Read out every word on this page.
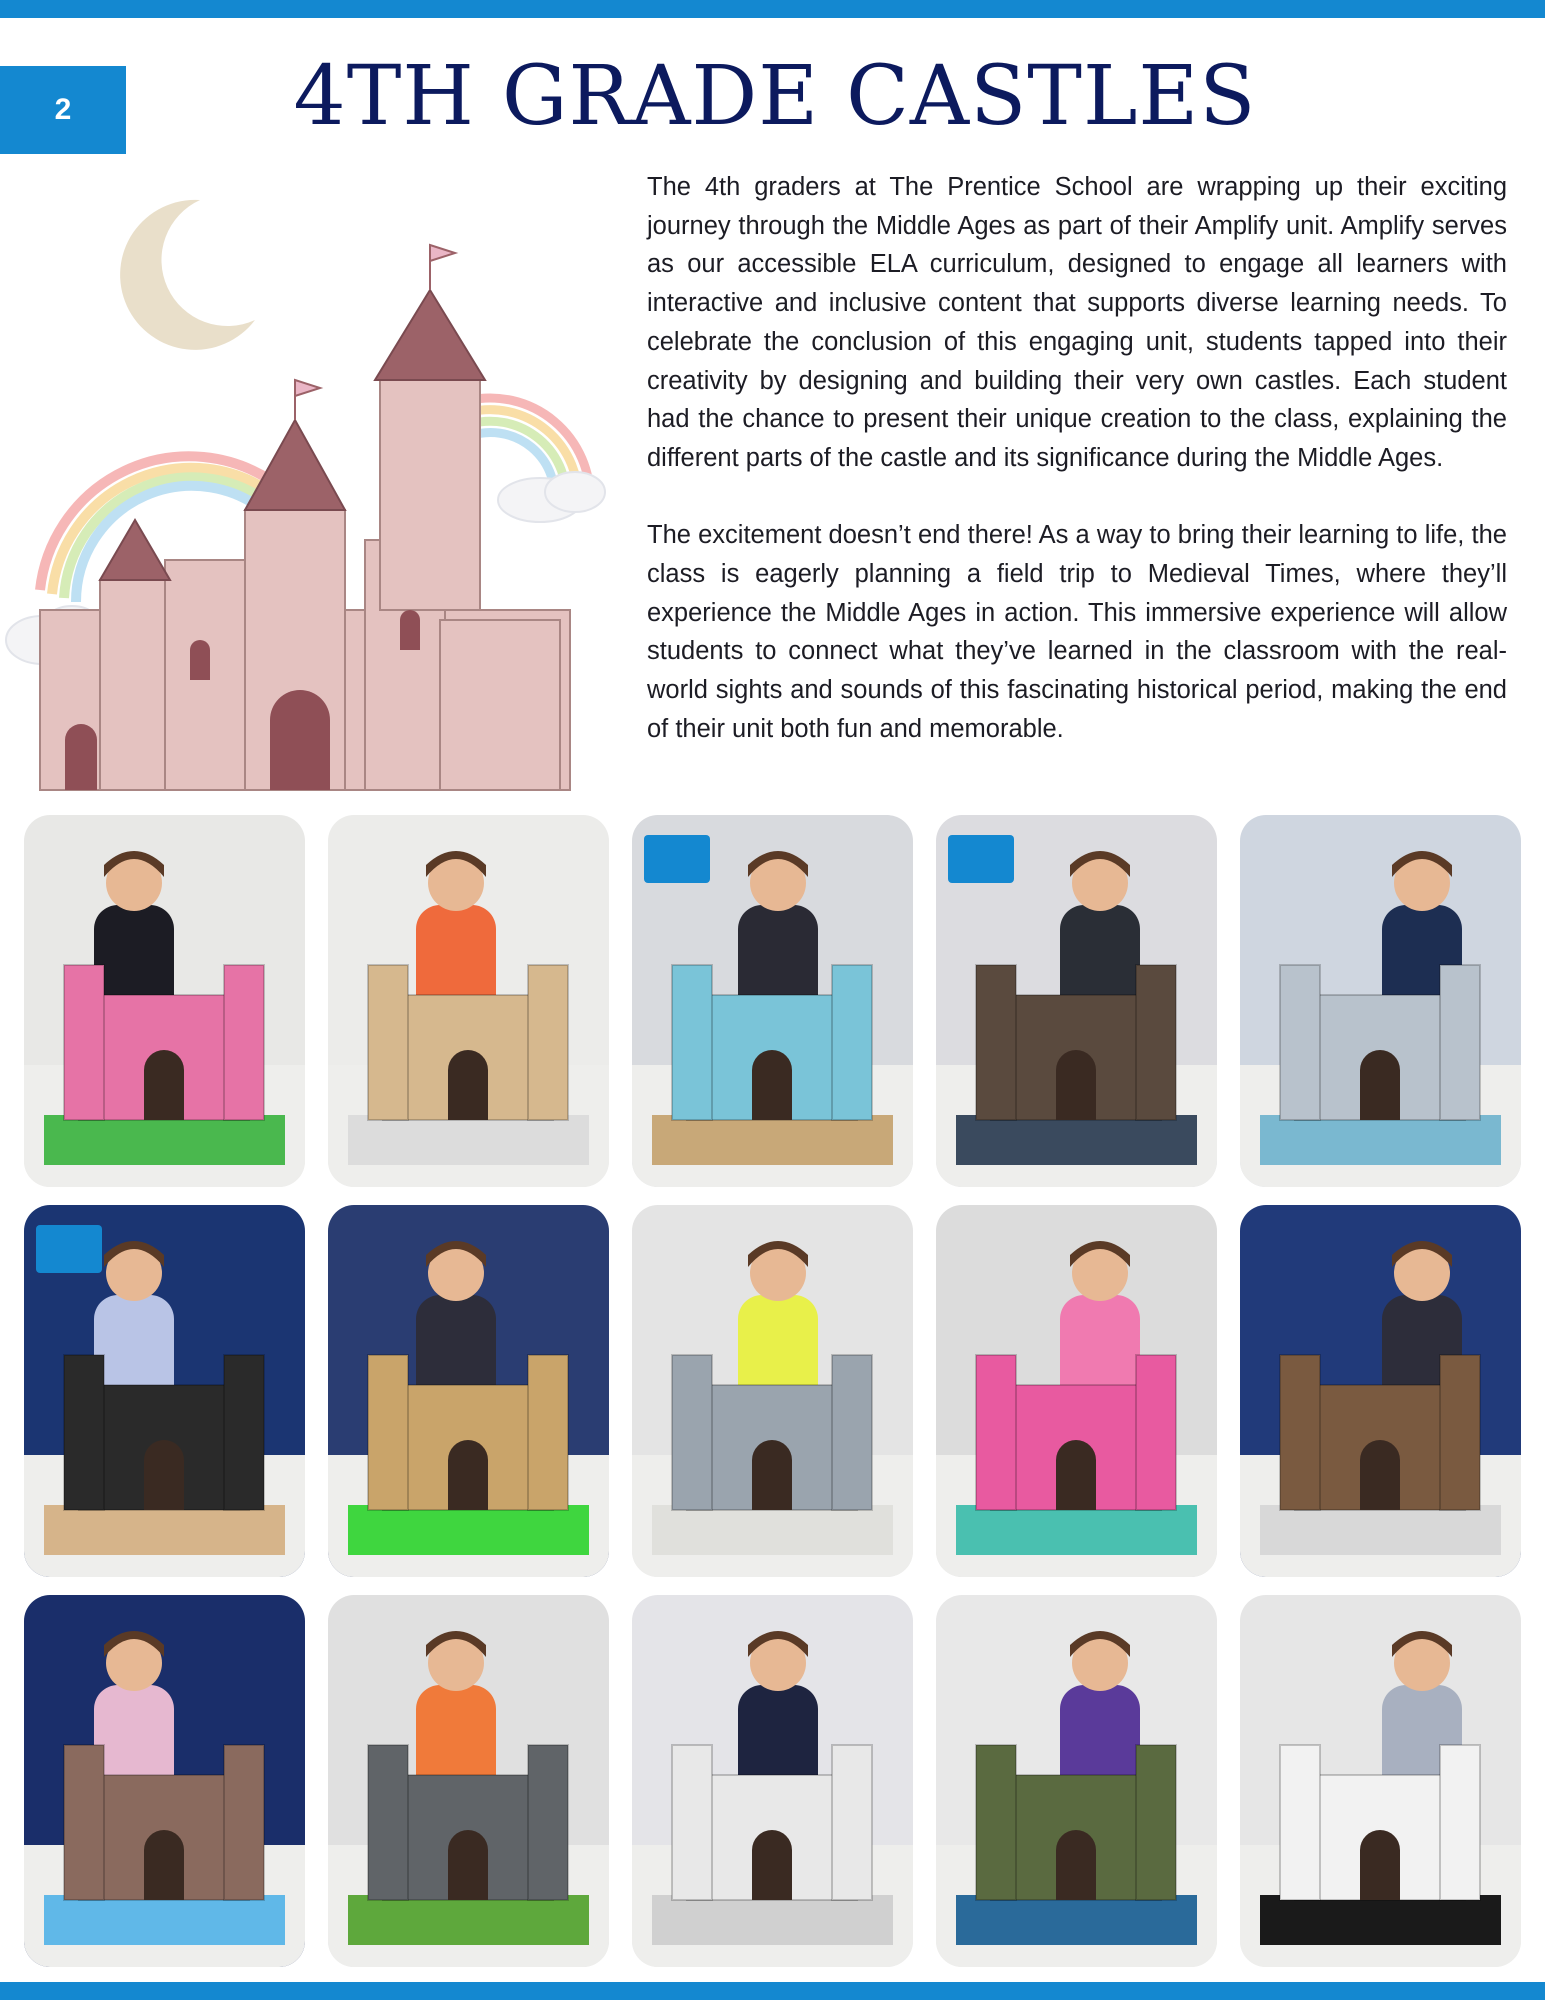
2	4TH GRADE CASTLES

The 4th graders at The Prentice School are wrapping up their exciting journey through the Middle Ages as part of their Amplify unit. Amplify serves as our accessible ELA curriculum, designed to engage all learners with interactive and inclusive content that supports diverse learning needs. To celebrate the conclusion of this engaging unit, students tapped into their creativity by designing and building their very own castles. Each student had the chance to present their unique creation to the class, explaining the different parts of the castle and its significance during the Middle Ages.

The excitement doesn’t end there! As a way to bring their learning to life, the class is eagerly planning a field trip to Medieval Times, where they’ll experience the Middle Ages in action. This immersive experience will allow students to connect what they’ve learned in the classroom with the real-world sights and sounds of this fascinating historical period, making the end of their unit both fun and memorable.
